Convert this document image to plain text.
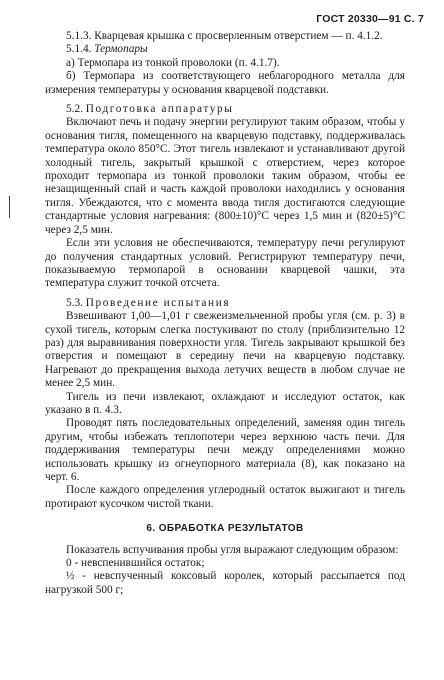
ГОСТ 20330—91 С. 7

5.1.3. Кварцевая крышка с просверленным отверстием — п. 4.1.2.

5.1.4. Термопары

а) Термопара из тонкой проволоки (п. 4.1.7).

б) Термопара из соответствующего неблагородного металла для измерения температуры у основания кварцевой подставки.

5.2. Подготовка аппаратуры

Включают печь и подачу энергии регулируют таким образом, чтобы у основания тигля, помещенного на кварцевую подставку, поддерживалась температура около 850°С. Этот тигель извлекают и устанавливают другой холодный тигель, закрытый крышкой с отверстием, через которое проходит термопара из тонкой проволоки таким образом, чтобы ее незащищенный спай и часть каждой проволоки находились у основания тигля. Убеждаются, что с момента ввода тигля достигаются следующие стандартные условия нагревания: (800±10)°С через 1,5 мин и (820±5)°С через 2,5 мин.

Если эти условия не обеспечиваются, температуру печи регулируют до получения стандартных условий. Регистрируют температуру печи, показываемую термопарой в основании кварцевой чашки, эта температура служит точкой отсчета.

5.3. Проведение испытания

Взвешивают 1,00—1,01 г свежеизмельченной пробы угля (см. р. 3) в сухой тигель, которым слегка постукивают по столу (приблизительно 12 раз) для выравнивания поверхности угля. Тигель закрывают крышкой без отверстия и помещают в середину печи на кварцевую подставку. Нагревают до прекращения выхода летучих веществ в любом случае не менее 2,5 мин.

Тигель из печи извлекают, охлаждают и исследуют остаток, как указано в п. 4.3.

Проводят пять последовательных определений, заменяя один тигель другим, чтобы избежать теплопотери через верхнюю часть печи. Для поддерживания температуры печи между определениями можно использовать крышку из огнеупорного материала (8), как показано на черт. 6.

После каждого определения углеродный остаток выжигают и тигель протирают кусочком чистой ткани.

6. ОБРАБОТКА РЕЗУЛЬТАТОВ

Показатель вспучивания пробы угля выражают следующим образом:

0 - невспенившийся остаток;

½ - невспученный коксовый королек, который рассыпается под нагрузкой 500 г;
